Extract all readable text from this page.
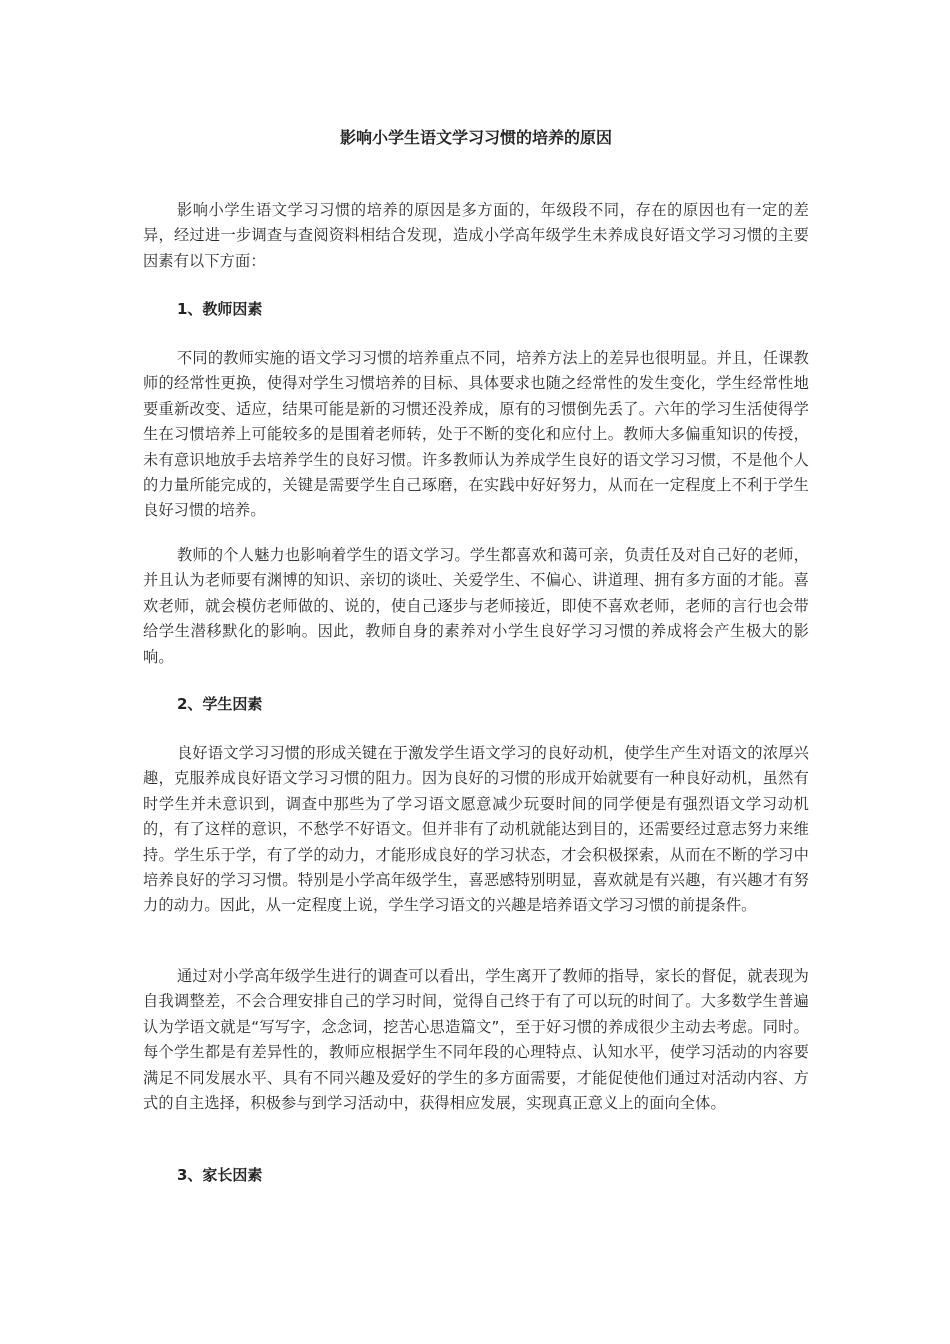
影响小学生语文学习习惯的培养的原因

影响小学生语文学习习惯的培养的原因是多方面的，年级段不同，存在的原因也有一定的差异，经过进一步调查与查阅资料相结合发现，造成小学高年级学生未养成良好语文学习习惯的主要因素有以下方面：

1、教师因素

不同的教师实施的语文学习习惯的培养重点不同，培养方法上的差异也很明显。并且，任课教师的经常性更换，使得对学生习惯培养的目标、具体要求也随之经常性的发生变化，学生经常性地要重新改变、适应，结果可能是新的习惯还没养成，原有的习惯倒先丢了。六年的学习生活使得学生在习惯培养上可能较多的是围着老师转，处于不断的变化和应付上。教师大多偏重知识的传授，未有意识地放手去培养学生的良好习惯。许多教师认为养成学生良好的语文学习习惯，不是他个人的力量所能完成的，关键是需要学生自己琢磨，在实践中好好努力，从而在一定程度上不利于学生良好习惯的培养。

教师的个人魅力也影响着学生的语文学习。学生都喜欢和蔼可亲，负责任及对自己好的老师，并且认为老师要有渊博的知识、亲切的谈吐、关爱学生、不偏心、讲道理、拥有多方面的才能。喜欢老师，就会模仿老师做的、说的，使自己逐步与老师接近，即使不喜欢老师，老师的言行也会带给学生潜移默化的影响。因此，教师自身的素养对小学生良好学习习惯的养成将会产生极大的影响。

2、学生因素

良好语文学习习惯的形成关键在于激发学生语文学习的良好动机，使学生产生对语文的浓厚兴趣，克服养成良好语文学习习惯的阻力。因为良好的习惯的形成开始就要有一种良好动机，虽然有时学生并未意识到，调查中那些为了学习语文愿意减少玩耍时间的同学便是有强烈语文学习动机的，有了这样的意识，不愁学不好语文。但并非有了动机就能达到目的，还需要经过意志努力来维持。学生乐于学，有了学的动力，才能形成良好的学习状态，才会积极探索，从而在不断的学习中培养良好的学习习惯。特别是小学高年级学生，喜恶感特别明显，喜欢就是有兴趣，有兴趣才有努力的动力。因此，从一定程度上说，学生学习语文的兴趣是培养语文学习习惯的前提条件。

通过对小学高年级学生进行的调查可以看出，学生离开了教师的指导，家长的督促，就表现为自我调整差，不会合理安排自己的学习时间，觉得自己终于有了可以玩的时间了。大多数学生普遍认为学语文就是“写写字，念念词，挖苦心思造篇文”，至于好习惯的养成很少主动去考虑。同时。每个学生都是有差异性的，教师应根据学生不同年段的心理特点、认知水平，使学习活动的内容要满足不同发展水平、具有不同兴趣及爱好的学生的多方面需要，才能促使他们通过对活动内容、方式的自主选择，积极参与到学习活动中，获得相应发展，实现真正意义上的面向全体。

3、家长因素
